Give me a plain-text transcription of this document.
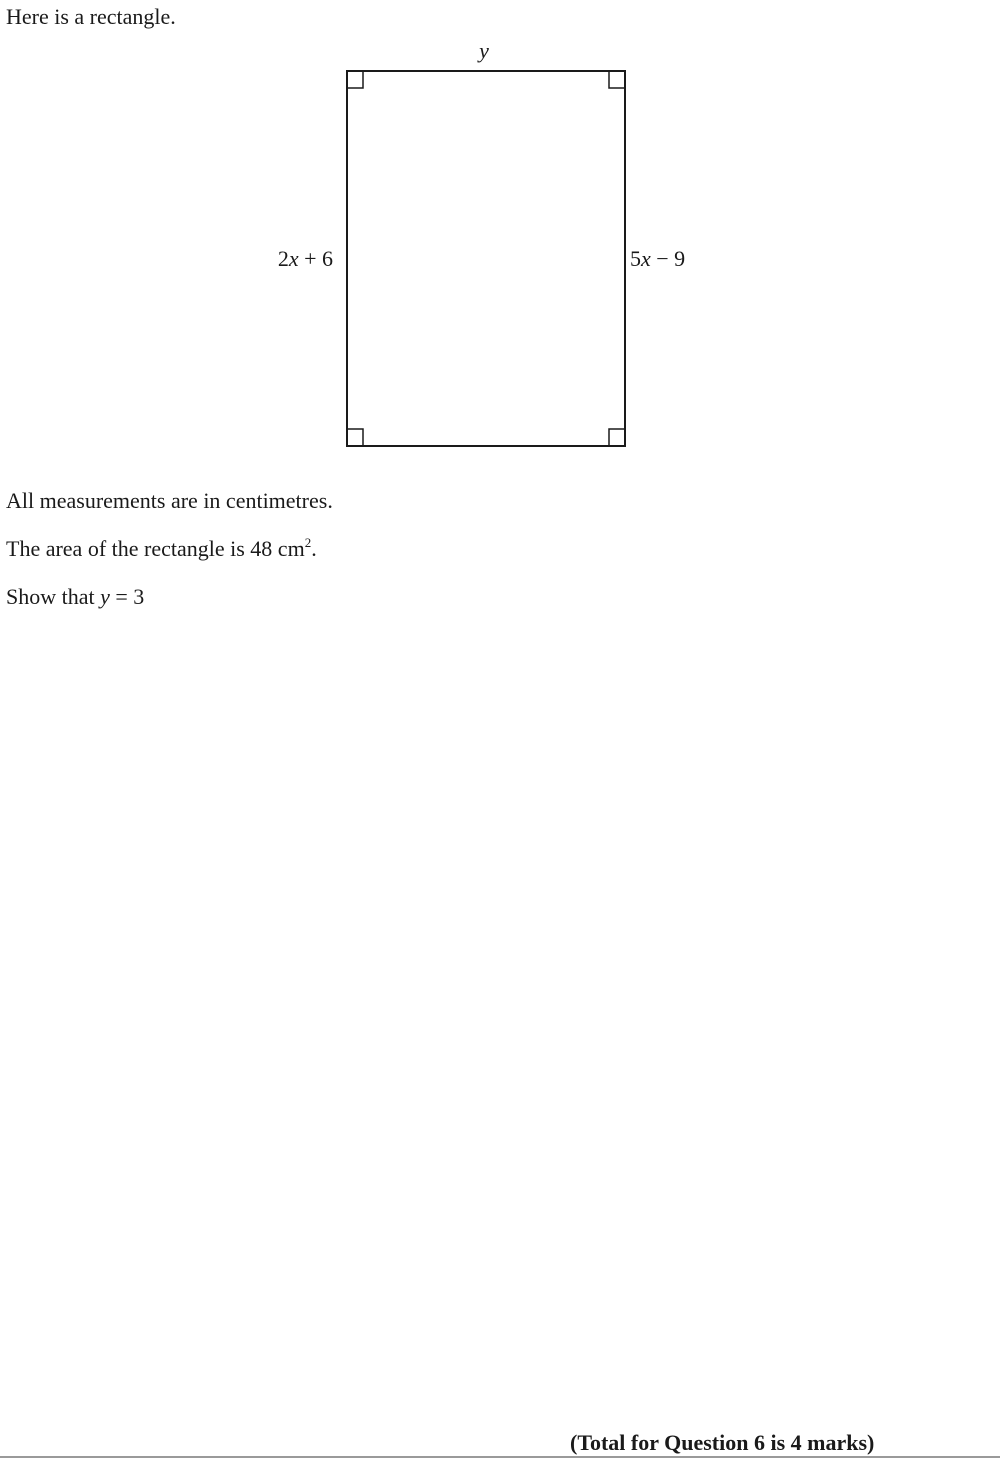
Here is a rectangle.

y
2x + 6	5x − 9

All measurements are in centimetres.

The area of the rectangle is 48 $cm^2$.

Show that y = 3

(Total for Question 6 is 4 marks)
